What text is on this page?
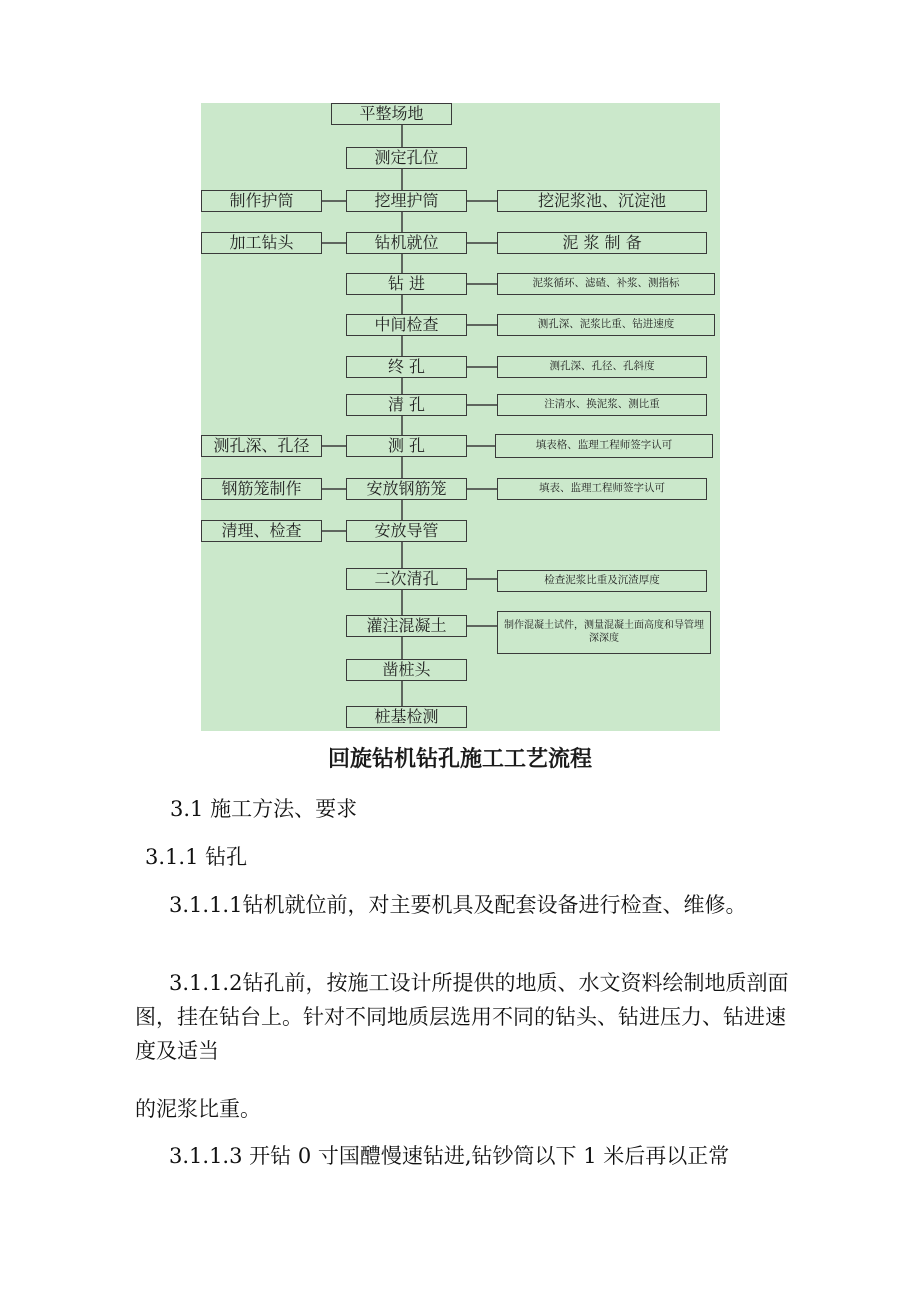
平整场地
测定孔位
挖埋护筒
钻机就位
钻 进
中间检查
终 孔
清 孔
测 孔
安放钢筋笼
安放导管
二次清孔
灌注混凝土
凿桩头
桩基检测
制作护筒
加工钻头
测孔深、孔径
钢筋笼制作
清理、检查
挖泥浆池、沉淀池
泥 浆 制 备
泥浆循环、滤碴、补浆、测指标
测孔深、泥浆比重、钻进速度
测孔深、孔径、孔斜度
注清水、换泥浆、测比重
填表格、监理工程师签字认可
填表、监理工程师签字认可
检查泥浆比重及沉渣厚度
制作混凝土试件，测量混凝土面高度和导管埋深深度
回旋钻机钻孔施工工艺流程
3.1 施工方法、要求
3.1.1 钻孔
3.1.1.1钻机就位前，对主要机具及配套设备进行检查、维修。
3.1.1.2钻孔前，按施工设计所提供的地质、水文资料绘制地质剖面图，挂在钻台上。针对不同地质层选用不同的钻头、钻进压力、钻进速度及适当
的泥浆比重。
3.1.1.3 开钻 0 寸国醴慢速钻进,钻钞筒以下 1 米后再以正常
